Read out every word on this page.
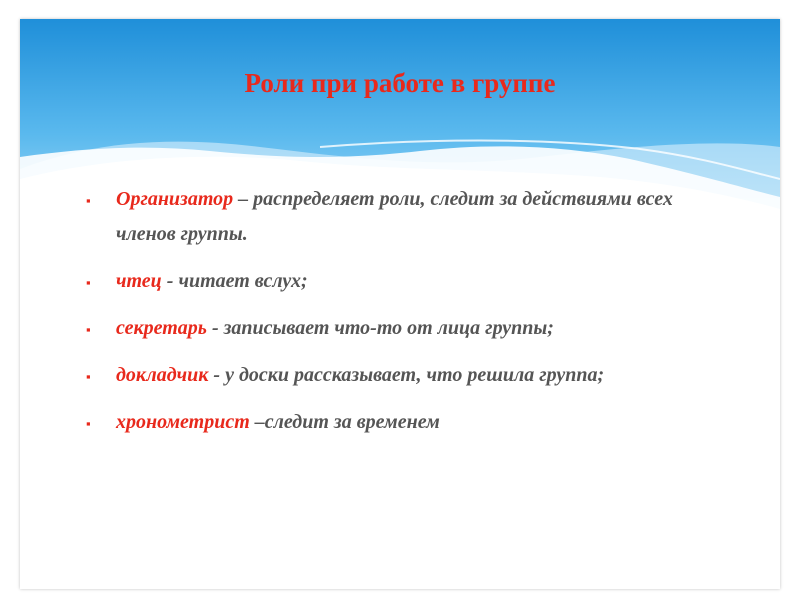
Роли при работе в группе
▪ Организатор – распределяет роли, следит за действиями всех членов группы.
▪ чтец - читает вслух;
▪ секретарь - записывает что-то от лица группы;
▪ докладчик - у доски рассказывает, что решила группа;
▪ хронометрист –следит за временем
